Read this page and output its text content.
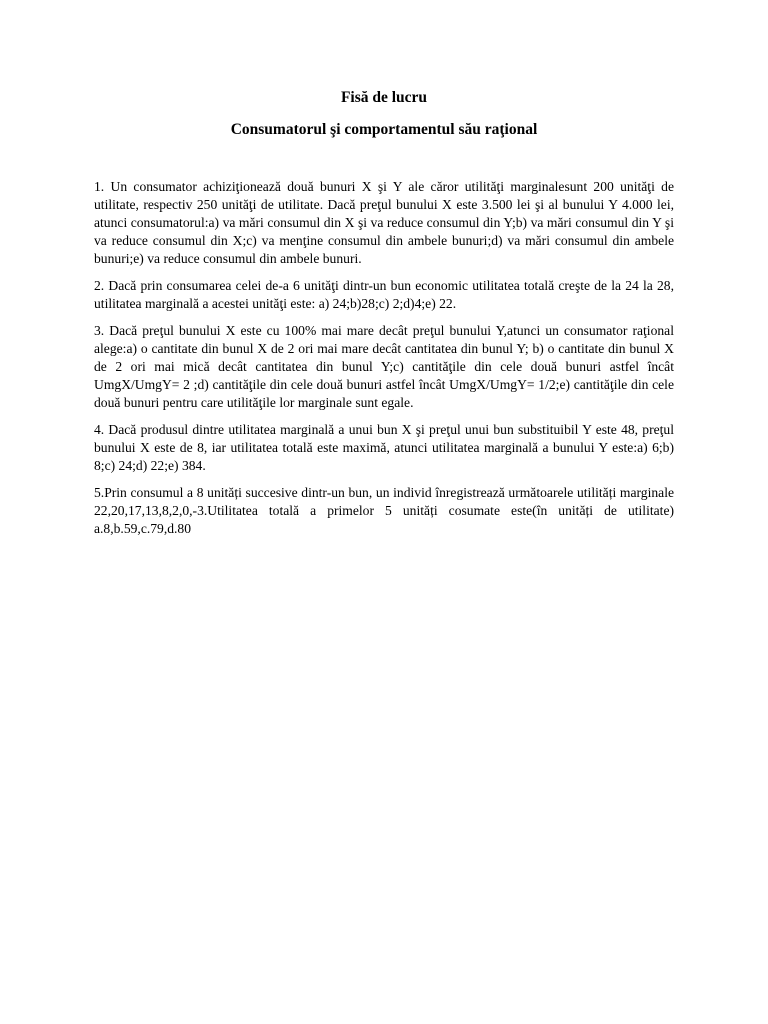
Fisă de lucru
Consumatorul şi comportamentul său raţional

1. Un consumator achiziţionează două bunuri X şi Y ale căror utilităţi marginalesunt 200 unităţi de utilitate, respectiv 250 unităţi de utilitate. Dacă preţul bunului X este 3.500 lei şi al bunului Y 4.000 lei, atunci consumatorul:a) va mări consumul din X şi va reduce consumul din Y;b) va mări consumul din Y şi va reduce consumul din X;c) va menţine consumul din ambele bunuri;d) va mări consumul din ambele bunuri;e) va reduce consumul din ambele bunuri.

2. Dacă prin consumarea celei de-a 6 unităţi dintr-un bun economic utilitatea totală creşte de la 24 la 28, utilitatea marginală a acestei unităţi este: a) 24;b)28;c) 2;d)4;e) 22.

3. Dacă preţul bunului X este cu 100% mai mare decât preţul bunului Y,atunci un consumator raţional alege:a) o cantitate din bunul X de 2 ori mai mare decât cantitatea din bunul Y; b) o cantitate din bunul X de 2 ori mai mică decât cantitatea din bunul Y;c) cantităţile din cele două bunuri astfel încât UmgX/UmgY= 2 ;d) cantităţile din cele două bunuri astfel încât UmgX/UmgY= 1/2;e) cantităţile din cele două bunuri pentru care utilităţile lor marginale sunt egale.

4. Dacă produsul dintre utilitatea marginală a unui bun X şi preţul unui bun substituibil Y este 48, preţul bunului X este de 8, iar utilitatea totală este maximă, atunci utilitatea marginală a bunului Y este:a) 6;b) 8;c) 24;d) 22;e) 384.

5.Prin consumul a 8 unități succesive dintr-un bun, un individ înregistrează următoarele utilități marginale 22,20,17,13,8,2,0,-3.Utilitatea totală a primelor 5 unități cosumate este(în unități de utilitate) a.8,b.59,c.79,d.80
